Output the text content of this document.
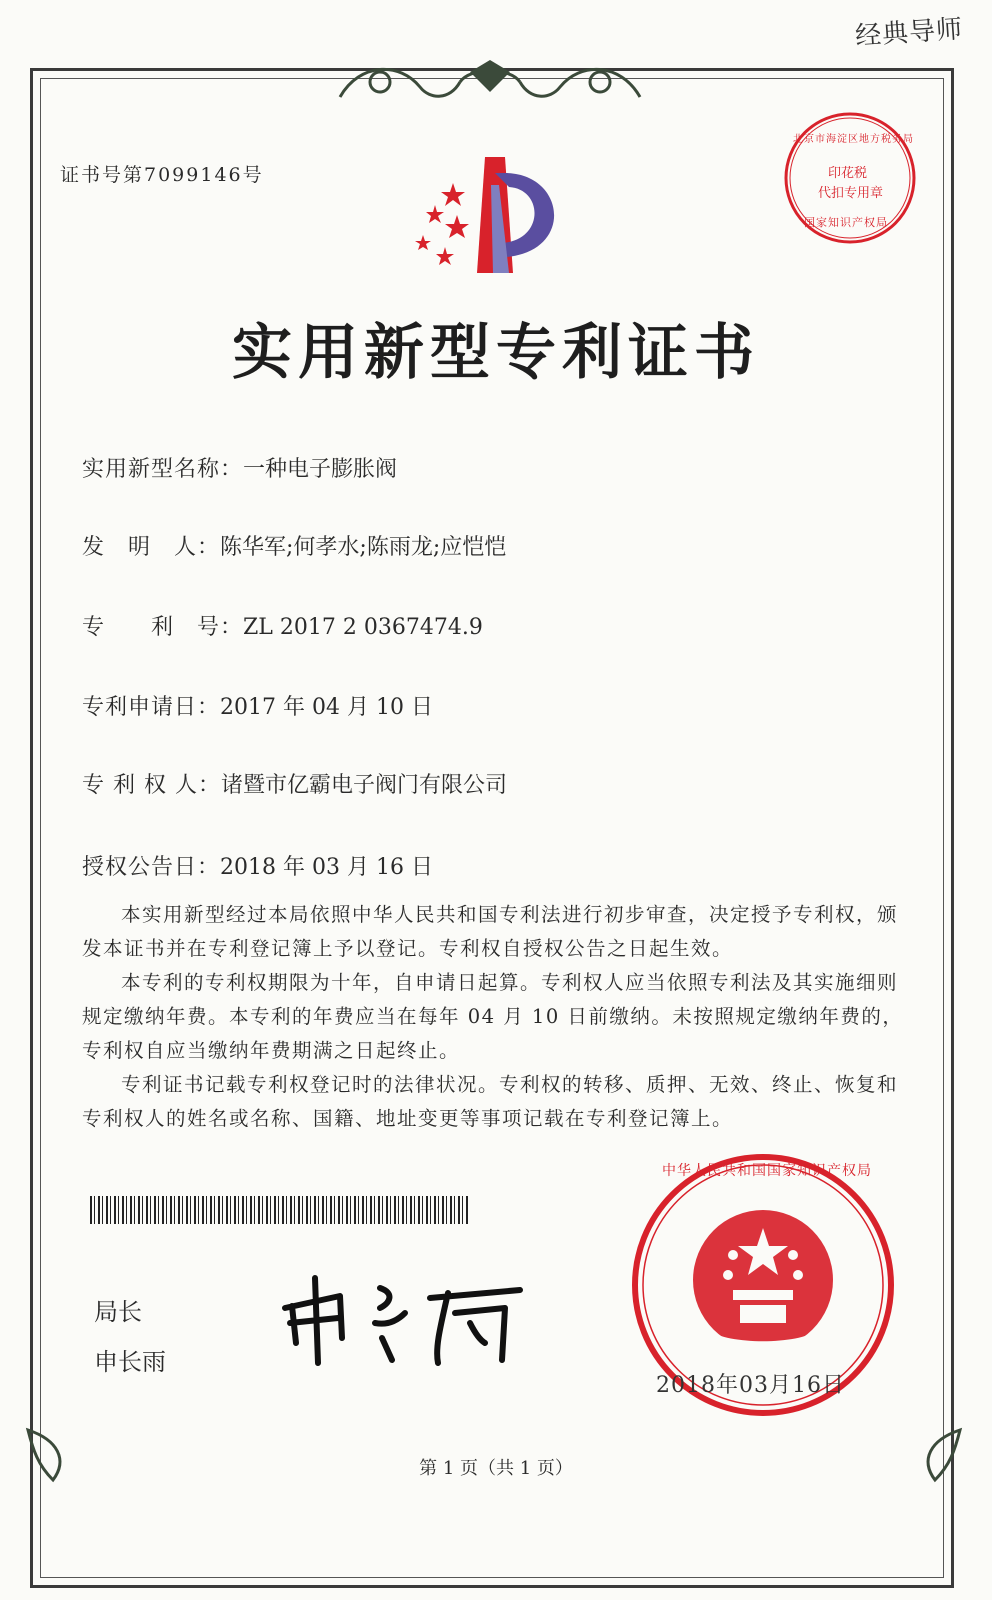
经典导师
证书号第7099146号	印花税
代扣专用章
北京市海淀区地方税务局
国家知识产权局
实用新型专利证书
实用新型名称：一种电子膨胀阀
发　明　人：陈华军;何孝水;陈雨龙;应恺恺
专　　利　号：ZL 2017 2 0367474.9
专利申请日：2017 年 04 月 10 日
专 利 权 人：诸暨市亿霸电子阀门有限公司
授权公告日：2018 年 03 月 16 日

本实用新型经过本局依照中华人民共和国专利法进行初步审查，决定授予专利权，颁发本证书并在专利登记簿上予以登记。专利权自授权公告之日起生效。

本专利的专利权期限为十年，自申请日起算。专利权人应当依照专利法及其实施细则规定缴纳年费。本专利的年费应当在每年 04 月 10 日前缴纳。未按照规定缴纳年费的，专利权自应当缴纳年费期满之日起终止。

专利证书记载专利权登记时的法律状况。专利权的转移、质押、无效、终止、恢复和专利权人的姓名或名称、国籍、地址变更等事项记载在专利登记簿上。

局长
申长雨
中华人民共和国国家知识产权局
2018年03月16日
第 1 页（共 1 页）
